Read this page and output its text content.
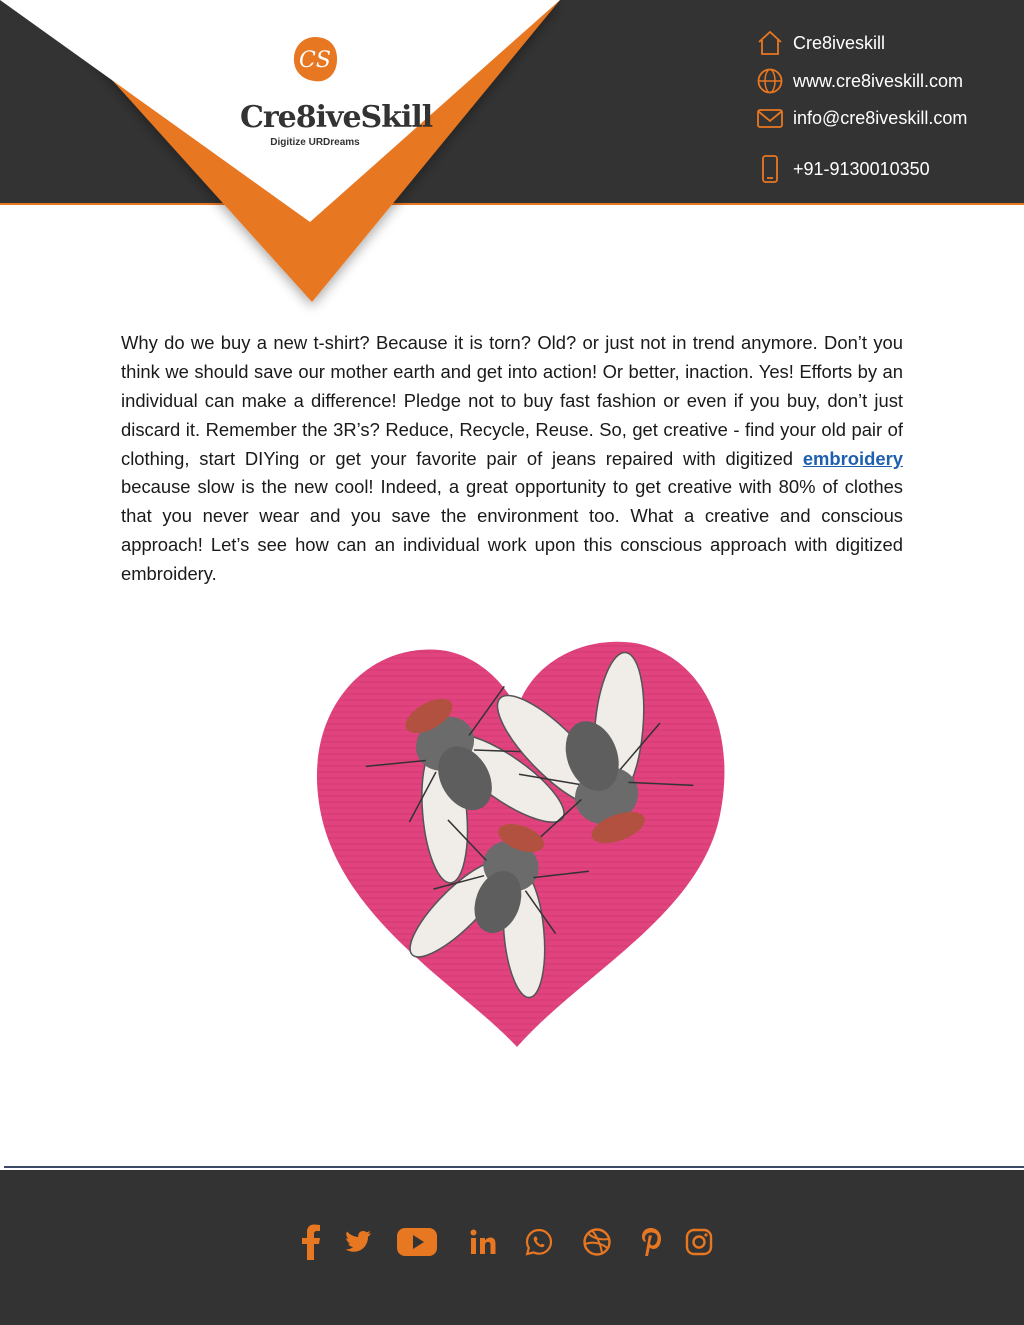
CS
Cre8iveSkill
Digitize URDreams
Cre8iveskill
www.cre8iveskill.com
info@cre8iveskill.com
+91-9130010350

Why do we buy a new t-shirt? Because it is torn? Old? or just not in trend anymore. Don’t you think we should save our mother earth and get into action! Or better, inaction. Yes! Efforts by an individual can make a difference! Pledge not to buy fast fashion or even if you buy, don’t just discard it. Remember the 3R’s? Reduce, Recycle, Reuse. So, get creative - find your old pair of clothing, start DIYing or get your favorite pair of jeans repaired with digitized embroidery because slow is the new cool! Indeed, a great opportunity to get creative with 80% of clothes that you never wear and you save the environment too. What a creative and conscious approach! Let’s see how can an individual work upon this conscious approach with digitized embroidery.
